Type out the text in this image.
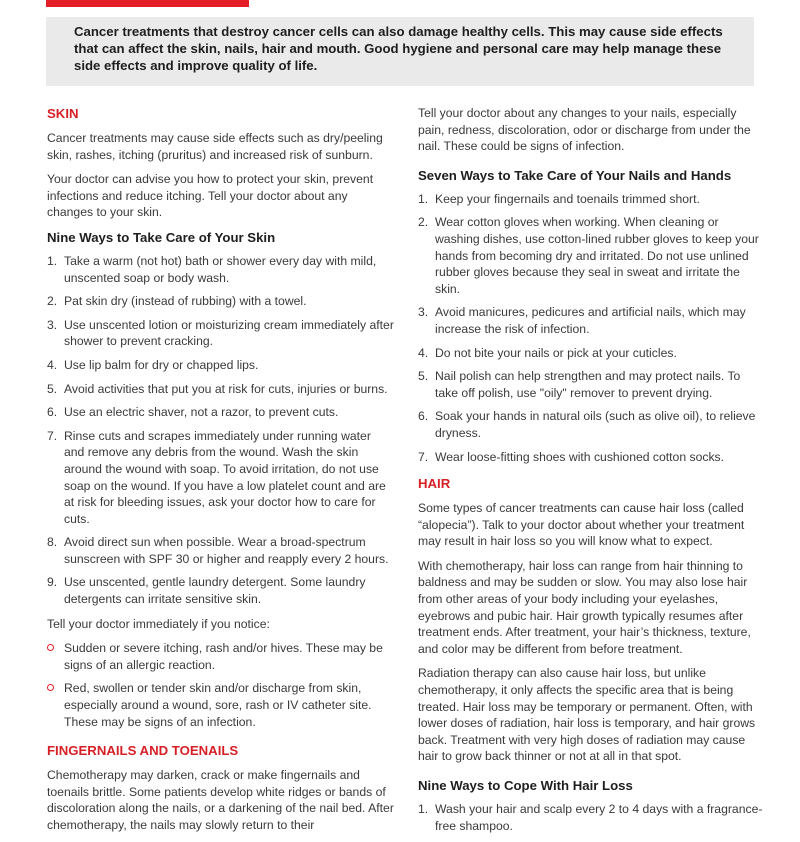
Cancer treatments that destroy cancer cells can also damage healthy cells. This may cause side effects that can affect the skin, nails, hair and mouth. Good hygiene and personal care may help manage these side effects and improve quality of life.

SKIN

Cancer treatments may cause side effects such as dry/peeling skin, rashes, itching (pruritus) and increased risk of sunburn.

Your doctor can advise you how to protect your skin, prevent infections and reduce itching. Tell your doctor about any changes to your skin.

Nine Ways to Take Care of Your Skin
1. Take a warm (not hot) bath or shower every day with mild, unscented soap or body wash.
2. Pat skin dry (instead of rubbing) with a towel.
3. Use unscented lotion or moisturizing cream immediately after shower to prevent cracking.
4. Use lip balm for dry or chapped lips.
5. Avoid activities that put you at risk for cuts, injuries or burns.
6. Use an electric shaver, not a razor, to prevent cuts.
7. Rinse cuts and scrapes immediately under running water and remove any debris from the wound. Wash the skin around the wound with soap. To avoid irritation, do not use soap on the wound. If you have a low platelet count and are at risk for bleeding issues, ask your doctor how to care for cuts.
8. Avoid direct sun when possible. Wear a broad-spectrum sunscreen with SPF 30 or higher and reapply every 2 hours.
9. Use unscented, gentle laundry detergent. Some laundry detergents can irritate sensitive skin.

Tell your doctor immediately if you notice:

Sudden or severe itching, rash and/or hives. These may be signs of an allergic reaction.
Red, swollen or tender skin and/or discharge from skin, especially around a wound, sore, rash or IV catheter site. These may be signs of an infection.
FINGERNAILS AND TOENAILS

Chemotherapy may darken, crack or make fingernails and toenails brittle. Some patients develop white ridges or bands of discoloration along the nails, or a darkening of the nail bed. After chemotherapy, the nails may slowly return to their

Tell your doctor about any changes to your nails, especially pain, redness, discoloration, odor or discharge from under the nail. These could be signs of infection.

Seven Ways to Take Care of Your Nails and Hands
1. Keep your fingernails and toenails trimmed short.
2. Wear cotton gloves when working. When cleaning or washing dishes, use cotton-lined rubber gloves to keep your hands from becoming dry and irritated. Do not use unlined rubber gloves because they seal in sweat and irritate the skin.
3. Avoid manicures, pedicures and artificial nails, which may increase the risk of infection.
4. Do not bite your nails or pick at your cuticles.
5. Nail polish can help strengthen and may protect nails. To take off polish, use "oily" remover to prevent drying.
6. Soak your hands in natural oils (such as olive oil), to relieve dryness.
7. Wear loose-fitting shoes with cushioned cotton socks.
HAIR

Some types of cancer treatments can cause hair loss (called “alopecia”). Talk to your doctor about whether your treatment may result in hair loss so you will know what to expect.

With chemotherapy, hair loss can range from hair thinning to baldness and may be sudden or slow. You may also lose hair from other areas of your body including your eyelashes, eyebrows and pubic hair. Hair growth typically resumes after treatment ends. After treatment, your hair’s thickness, texture, and color may be different from before treatment.

Radiation therapy can also cause hair loss, but unlike chemotherapy, it only affects the specific area that is being treated. Hair loss may be temporary or permanent. Often, with lower doses of radiation, hair loss is temporary, and hair grows back. Treatment with very high doses of radiation may cause hair to grow back thinner or not at all in that spot.

Nine Ways to Cope With Hair Loss
1. Wash your hair and scalp every 2 to 4 days with a fragrance-free shampoo.
